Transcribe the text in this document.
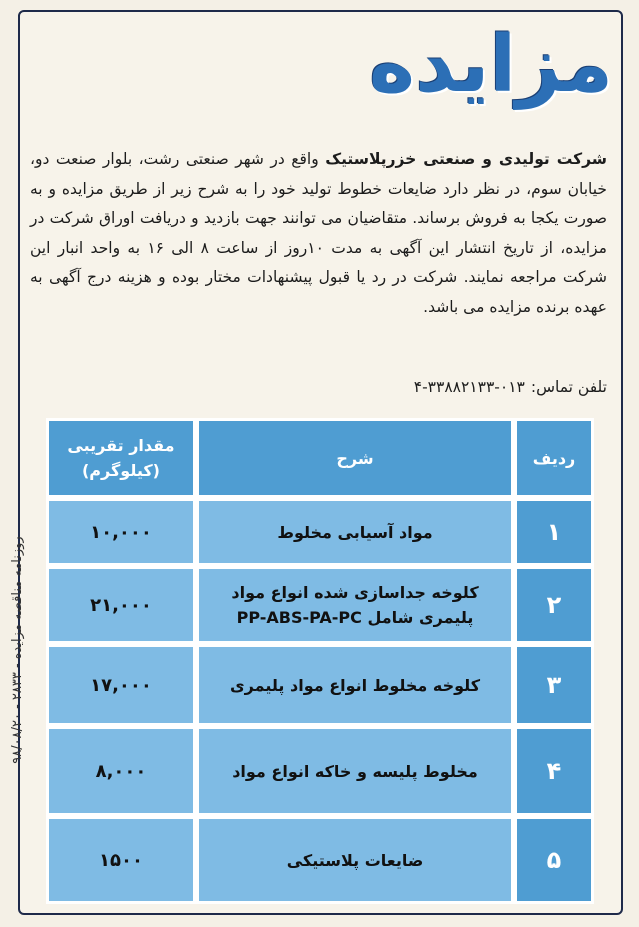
مزایده
شرکت تولیدی و صنعتی خزرپلاستیک واقع در شهر صنعتی رشت، بلوار صنعت دو، خیابان سوم، در نظر دارد ضایعات خطوط تولید خود را به شرح زیر از طریق مزایده و به صورت یکجا به فروش برساند. متقاضیان می توانند جهت بازدید و دریافت اوراق شرکت در مزایده، از تاریخ انتشار این آگهی به مدت ۱۰روز از ساعت ۸ الی ۱۶ به واحد انبار این شرکت مراجعه نمایند. شرکت در رد یا قبول پیشنهادات مختار بوده و هزینه درج آگهی به عهده برنده مزایده می باشد.
تلفن تماس:۴-۳۳۸۸۲۱۳۳-۰۱۳
ردیف
شرح
مقدار تقریبی (کیلوگرم)
۱
مواد آسیابی مخلوط
۱۰,۰۰۰
۲
کلوخه جداسازی شده انواع مواد پلیمری شامل PP-ABS-PA-PC
۲۱,۰۰۰
۳
کلوخه مخلوط انواع مواد پلیمری
۱۷,۰۰۰
۴
مخلوط پلیسه و خاکه انواع مواد
۸,۰۰۰
۵
ضایعات پلاستیکی
۱۵۰۰
روزنامه مناقصه مزایده - ۲۸۳۳ - ۹۸/۰۸/۲۰
